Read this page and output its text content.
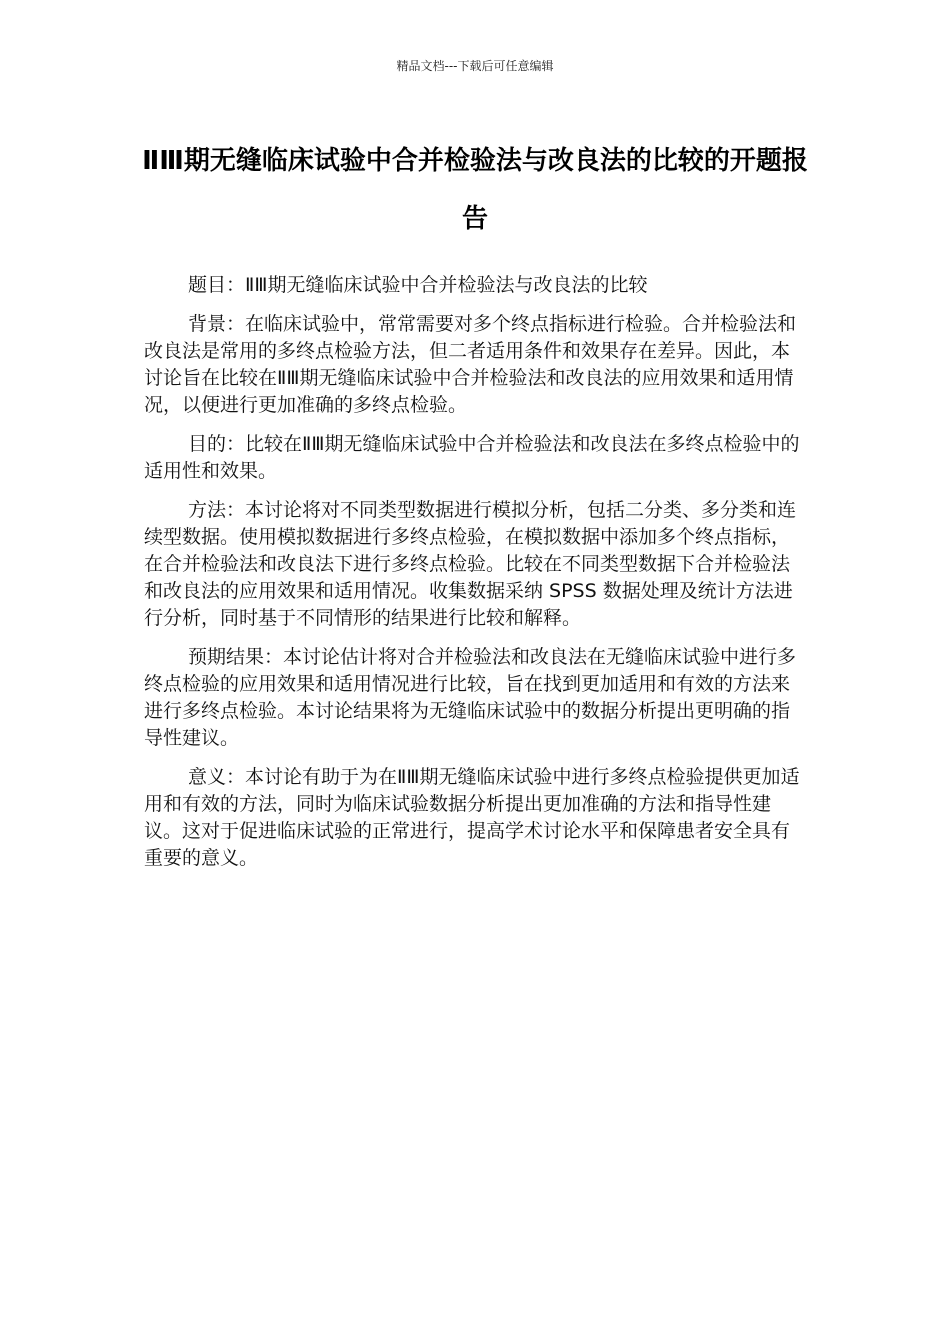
精品文档---下载后可任意编辑
ⅡⅢ期无缝临床试验中合并检验法与改良法的比较的开题报告

题目：ⅡⅢ期无缝临床试验中合并检验法与改良法的比较

背景：在临床试验中，常常需要对多个终点指标进行检验。合并检验法和改良法是常用的多终点检验方法，但二者适用条件和效果存在差异。因此，本讨论旨在比较在ⅡⅢ期无缝临床试验中合并检验法和改良法的应用效果和适用情况，以便进行更加准确的多终点检验。

目的：比较在ⅡⅢ期无缝临床试验中合并检验法和改良法在多终点检验中的适用性和效果。

方法：本讨论将对不同类型数据进行模拟分析，包括二分类、多分类和连续型数据。使用模拟数据进行多终点检验，在模拟数据中添加多个终点指标，在合并检验法和改良法下进行多终点检验。比较在不同类型数据下合并检验法和改良法的应用效果和适用情况。收集数据采纳 SPSS 数据处理及统计方法进行分析，同时基于不同情形的结果进行比较和解释。

预期结果：本讨论估计将对合并检验法和改良法在无缝临床试验中进行多终点检验的应用效果和适用情况进行比较，旨在找到更加适用和有效的方法来进行多终点检验。本讨论结果将为无缝临床试验中的数据分析提出更明确的指导性建议。

意义：本讨论有助于为在ⅡⅢ期无缝临床试验中进行多终点检验提供更加适用和有效的方法，同时为临床试验数据分析提出更加准确的方法和指导性建议。这对于促进临床试验的正常进行，提高学术讨论水平和保障患者安全具有重要的意义。
